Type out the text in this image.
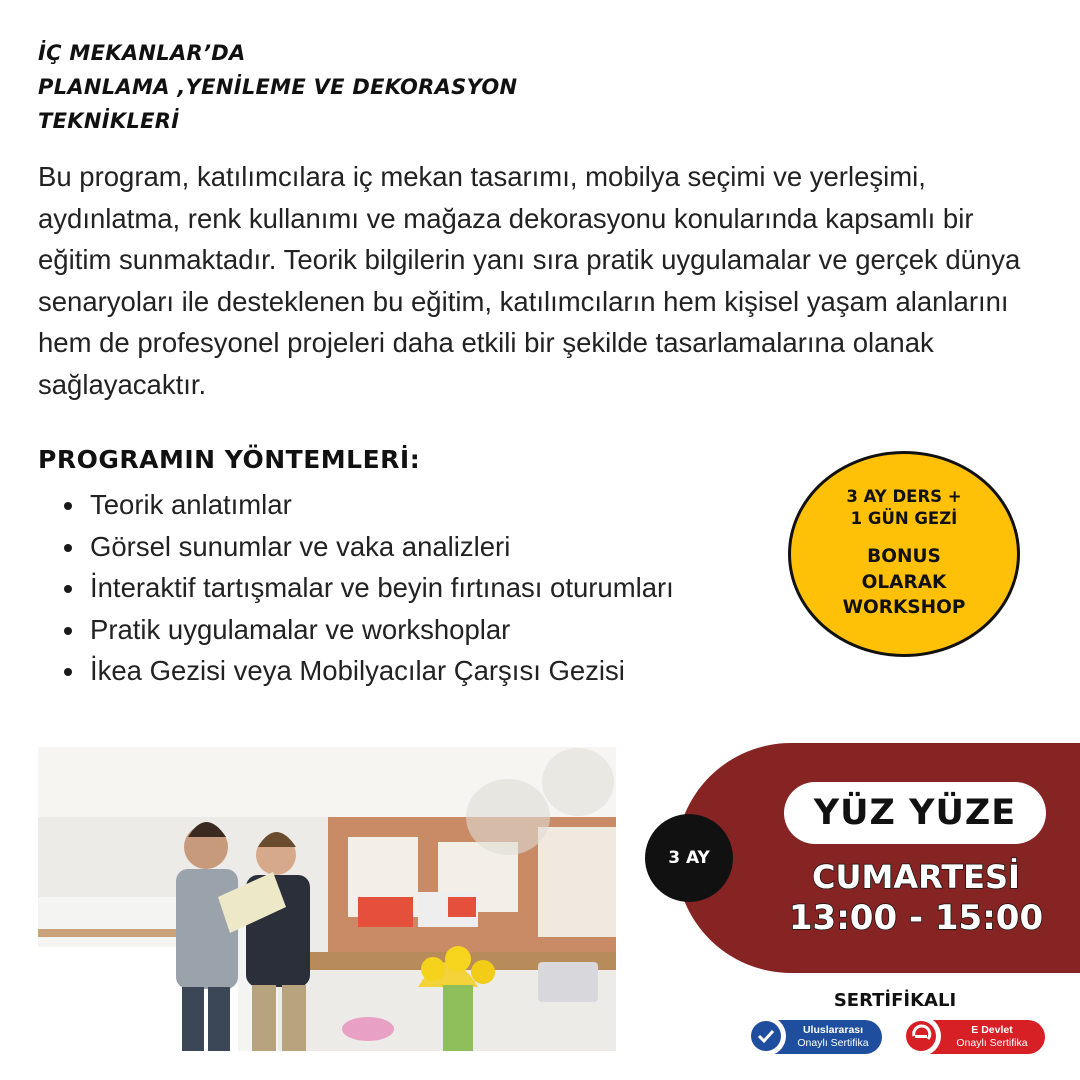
İÇ MEKANLAR’DA
PLANLAMA ,YENİLEME VE DEKORASYON
TEKNİKLERİ

Bu program, katılımcılara iç mekan tasarımı, mobilya seçimi ve yerleşimi, aydınlatma, renk kullanımı ve mağaza dekorasyonu konularında kapsamlı bir eğitim sunmaktadır. Teorik bilgilerin yanı sıra pratik uygulamalar ve gerçek dünya senaryoları ile desteklenen bu eğitim, katılımcıların hem kişisel yaşam alanlarını hem de profesyonel projeleri daha etkili bir şekilde tasarlamalarına olanak sağlayacaktır.

PROGRAMIN YÖNTEMLERİ:
Teorik anlatımlar
Görsel sunumlar ve vaka analizleri
İnteraktif tartışmalar ve beyin fırtınası oturumları
Pratik uygulamalar ve workshoplar
İkea Gezisi veya Mobilyacılar Çarşısı Gezisi
3 AY DERS +
1 GÜN GEZİ
BONUS
OLARAK
WORKSHOP
YÜZ YÜZE
CUMARTESİ
13:00 - 15:00
3 AY
SERTİFİKALI
Uluslararası
Onaylı Sertifika
E Devlet
Onaylı Sertifika
